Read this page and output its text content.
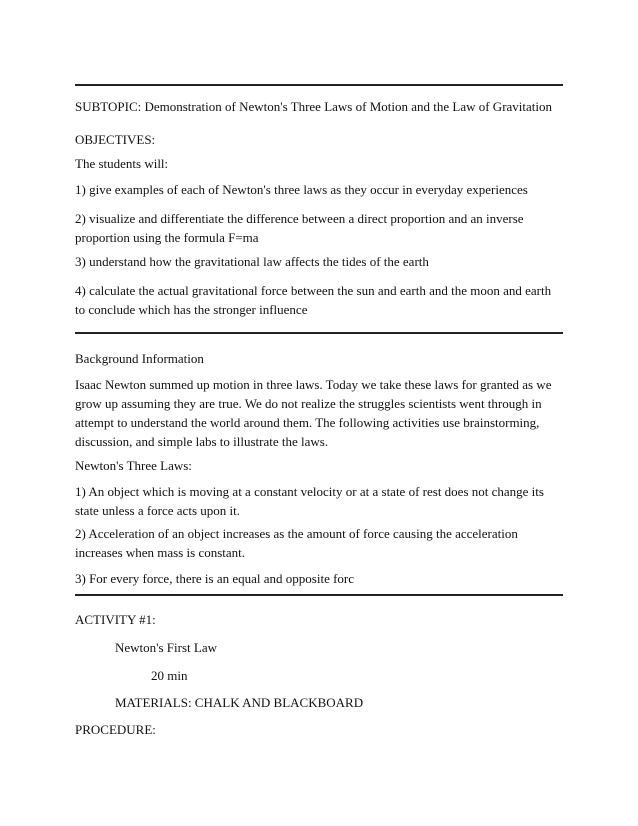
SUBTOPIC: Demonstration of Newton's Three Laws of Motion and the Law of Gravitation

OBJECTIVES:

The students will:

1) give examples of each of Newton's three laws as they occur in everyday experiences

2) visualize and differentiate the difference between a direct proportion and an inverse proportion using the formula F=ma

3) understand how the gravitational law affects the tides of the earth

4) calculate the actual gravitational force between the sun and earth and the moon and earth to conclude which has the stronger influence

Background Information

Isaac Newton summed up motion in three laws. Today we take these laws for granted as we grow up assuming they are true. We do not realize the struggles scientists went through in attempt to understand the world around them. The following activities use brainstorming, discussion, and simple labs to illustrate the laws.

Newton's Three Laws:

1) An object which is moving at a constant velocity or at a state of rest does not change its state unless a force acts upon it.

2) Acceleration of an object increases as the amount of force causing the acceleration increases when mass is constant.

3) For every force, there is an equal and opposite forc

ACTIVITY #1:

Newton's First Law

20 min

MATERIALS: CHALK AND BLACKBOARD

PROCEDURE:
